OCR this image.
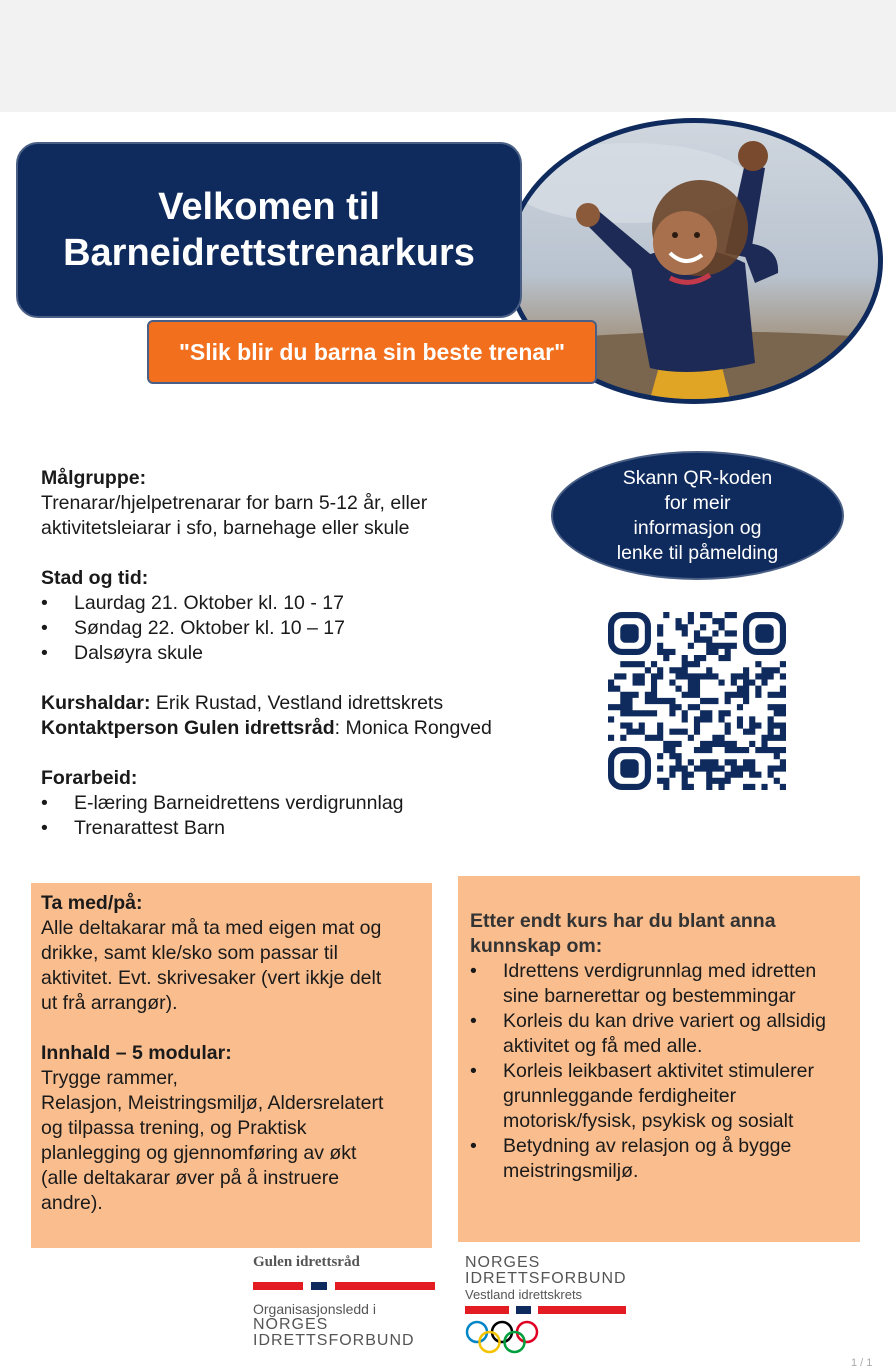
Velkomen til
Barneidrettstrenarkurs
"Slik blir du barna sin beste trenar"
Målgruppe:
Trenarar/hjelpetrenarar for barn 5-12 år, eller
aktivitetsleiarar i sfo, barnehage eller skule
Stad og tid:
• Laurdag 21. Oktober kl. 10 - 17
• Søndag 22. Oktober kl. 10 – 17
• Dalsøyra skule
Kurshaldar: Erik Rustad, Vestland idrettskrets
Kontaktperson Gulen idrettsråd: Monica Rongved
Forarbeid:
• E-læring Barneidrettens verdigrunnlag
• Trenarattest Barn
Skann QR-koden
for meir
informasjon og
lenke til påmelding
Ta med/på:
Alle deltakarar må ta med eigen mat og
drikke, samt kle/sko som passar til
aktivitet. Evt. skrivesaker (vert ikkje delt
ut frå arrangør).
Innhald – 5 modular:
Trygge rammer,
Relasjon, Meistringsmiljø, Aldersrelatert
og tilpassa trening, og Praktisk
planlegging og gjennomføring av økt
(alle deltakarar øver på å instruere
andre).
Etter endt kurs har du blant anna
kunnskap om:
• Idrettens verdigrunnlag med idretten
sine barnerettar og bestemmingar
• Korleis du kan drive variert og allsidig
aktivitet og få med alle.
• Korleis leikbasert aktivitet stimulerer
grunnleggande ferdigheiter
motorisk/fysisk, psykisk og sosialt
• Betydning av relasjon og å bygge
meistringsmiljø.
Gulen idrettsråd
Organisasjonsledd i
NORGES
IDRETTSFORBUND
NORGES
IDRETTSFORBUND
Vestland idrettskrets
1 / 1
